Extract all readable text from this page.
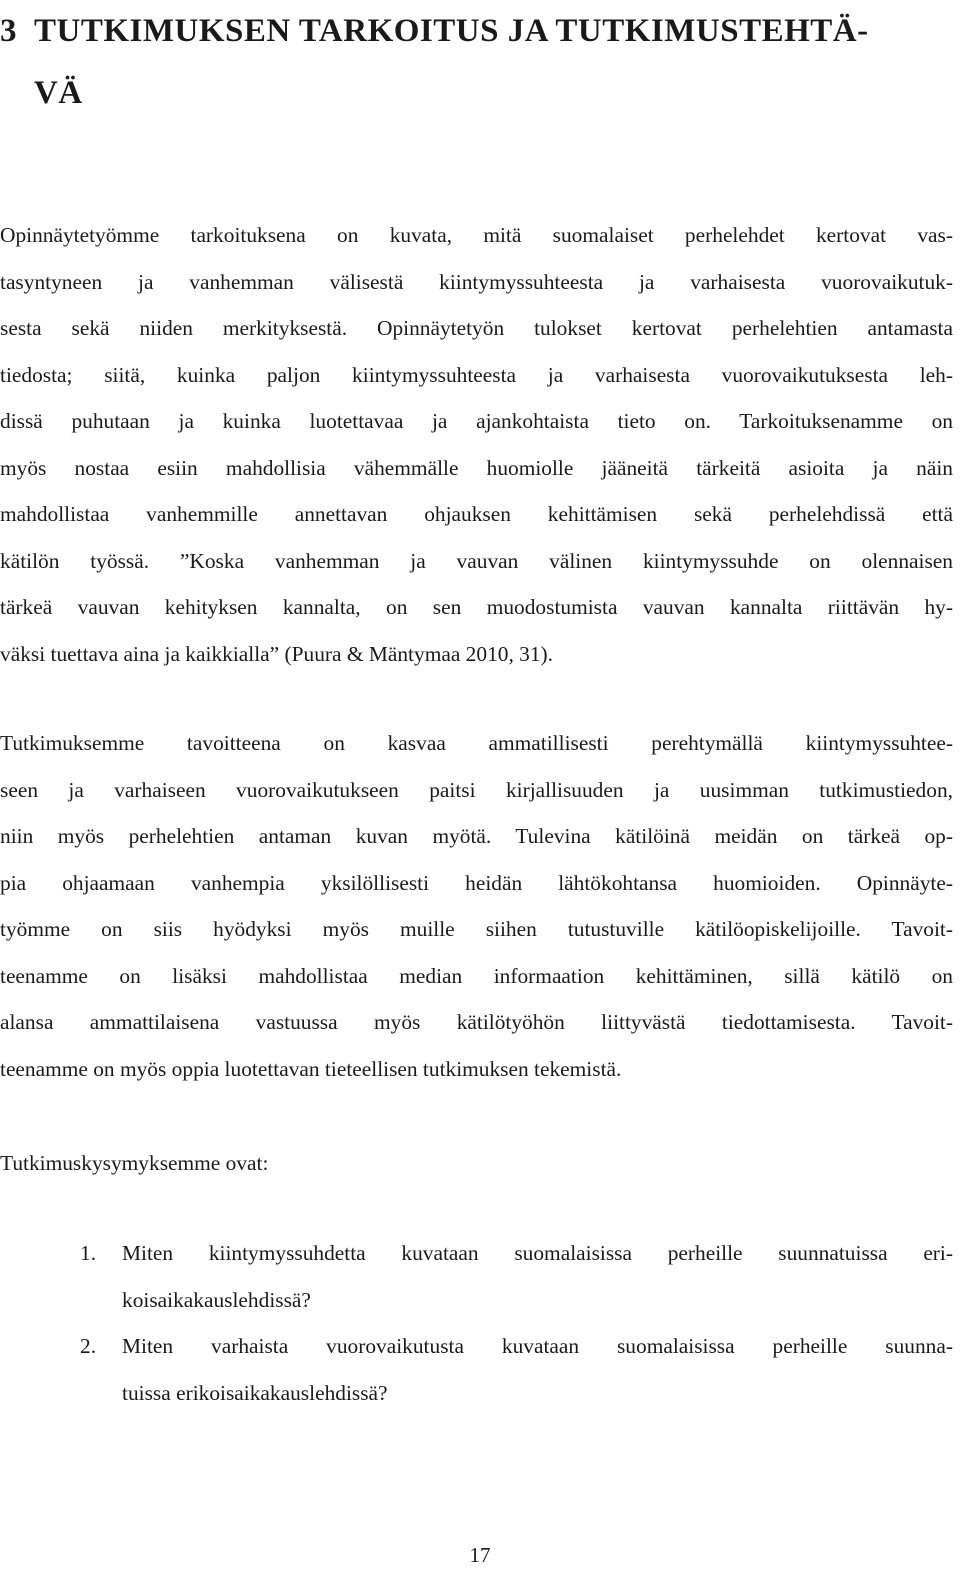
3 TUTKIMUKSEN TARKOITUS JA TUTKIMUSTEHTÄ-
VÄ
Opinnäytetyömme tarkoituksena on kuvata, mitä suomalaiset perhelehdet kertovat vas-
tasyntyneen ja vanhemman välisestä kiintymyssuhteesta ja varhaisesta vuorovaikutuk-
sesta sekä niiden merkityksestä. Opinnäytetyön tulokset kertovat perhelehtien antamasta
tiedosta; siitä, kuinka paljon kiintymyssuhteesta ja varhaisesta vuorovaikutuksesta leh-
dissä puhutaan ja kuinka luotettavaa ja ajankohtaista tieto on. Tarkoituksenamme on
myös nostaa esiin mahdollisia vähemmälle huomiolle jääneitä tärkeitä asioita ja näin
mahdollistaa vanhemmille annettavan ohjauksen kehittämisen sekä perhelehdissä että
kätilön työssä. ”Koska vanhemman ja vauvan välinen kiintymyssuhde on olennaisen
tärkeä vauvan kehityksen kannalta, on sen muodostumista vauvan kannalta riittävän hy-
väksi tuettava aina ja kaikkialla” (Puura & Mäntymaa 2010, 31).
Tutkimuksemme tavoitteena on kasvaa ammatillisesti perehtymällä kiintymyssuhtee-
seen ja varhaiseen vuorovaikutukseen paitsi kirjallisuuden ja uusimman tutkimustiedon,
niin myös perhelehtien antaman kuvan myötä. Tulevina kätilöinä meidän on tärkeä op-
pia ohjaamaan vanhempia yksilöllisesti heidän lähtökohtansa huomioiden. Opinnäyte-
työmme on siis hyödyksi myös muille siihen tutustuville kätilöopiskelijoille. Tavoit-
teenamme on lisäksi mahdollistaa median informaation kehittäminen, sillä kätilö on
alansa ammattilaisena vastuussa myös kätilötyöhön liittyvästä tiedottamisesta. Tavoit-
teenamme on myös oppia luotettavan tieteellisen tutkimuksen tekemistä.

Tutkimuskysymyksemme ovat:

1. Miten kiintymyssuhdetta kuvataan suomalaisissa perheille suunnatuissa eri-
koisaikakauslehdissä?
2. Miten varhaista vuorovaikutusta kuvataan suomalaisissa perheille suunna-
tuissa erikoisaikakauslehdissä?

17
